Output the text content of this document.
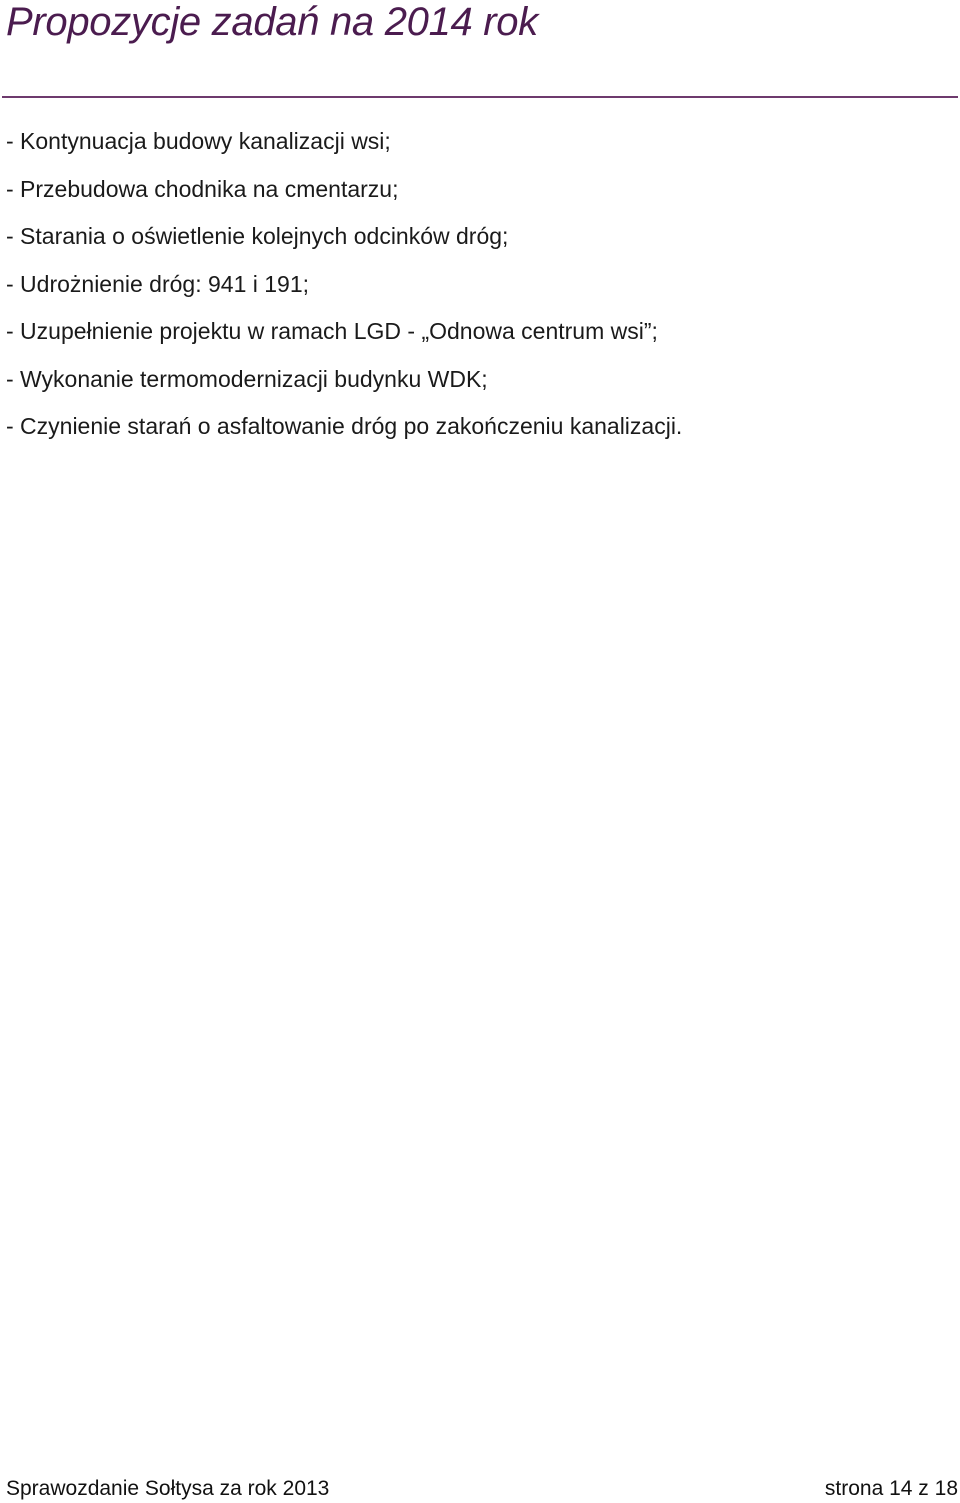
Propozycje zadań na 2014 rok
- Kontynuacja budowy kanalizacji wsi;
- Przebudowa chodnika na cmentarzu;
- Starania o oświetlenie kolejnych odcinków dróg;
- Udrożnienie dróg: 941 i 191;
- Uzupełnienie projektu w ramach LGD - „Odnowa centrum wsi”;
- Wykonanie termomodernizacji budynku WDK;
- Czynienie starań o asfaltowanie dróg po zakończeniu kanalizacji.
Sprawozdanie Sołtysa za rok 2013	strona 14 z 18
